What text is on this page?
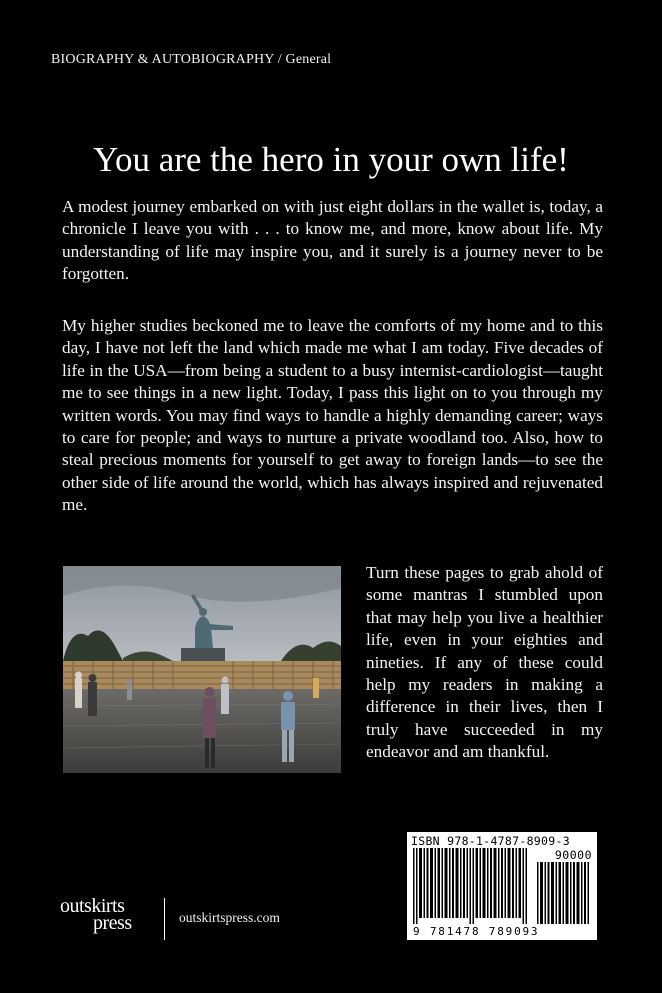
BIOGRAPHY & AUTOBIOGRAPHY / General
You are the hero in your own life!

A modest journey embarked on with just eight dollars in the wallet is, today, a chronicle I leave you with . . . to know me, and more, know about life. My understanding of life may inspire you, and it surely is a journey never to be forgotten.

My higher studies beckoned me to leave the comforts of my home and to this day, I have not left the land which made me what I am today. Five decades of life in the USA—from being a student to a busy internist-cardiologist—taught me to see things in a new light. Today, I pass this light on to you through my written words. You may find ways to handle a highly demanding career; ways to care for people; and ways to nurture a private woodland too. Also, how to steal precious moments for yourself to get away to foreign lands—to see the other side of life around the world, which has always inspired and rejuvenated me.

Turn these pages to grab ahold of some mantras I stumbled upon that may help you live a healthier life, even in your eighties and nineties. If any of these could help my readers in making a difference in their lives, then I truly have succeeded in my endeavor and am thankful.

ISBN 978-1-4787-8909-3
90000
9 781478 789093
outskirts
press	outskirtspress.com
